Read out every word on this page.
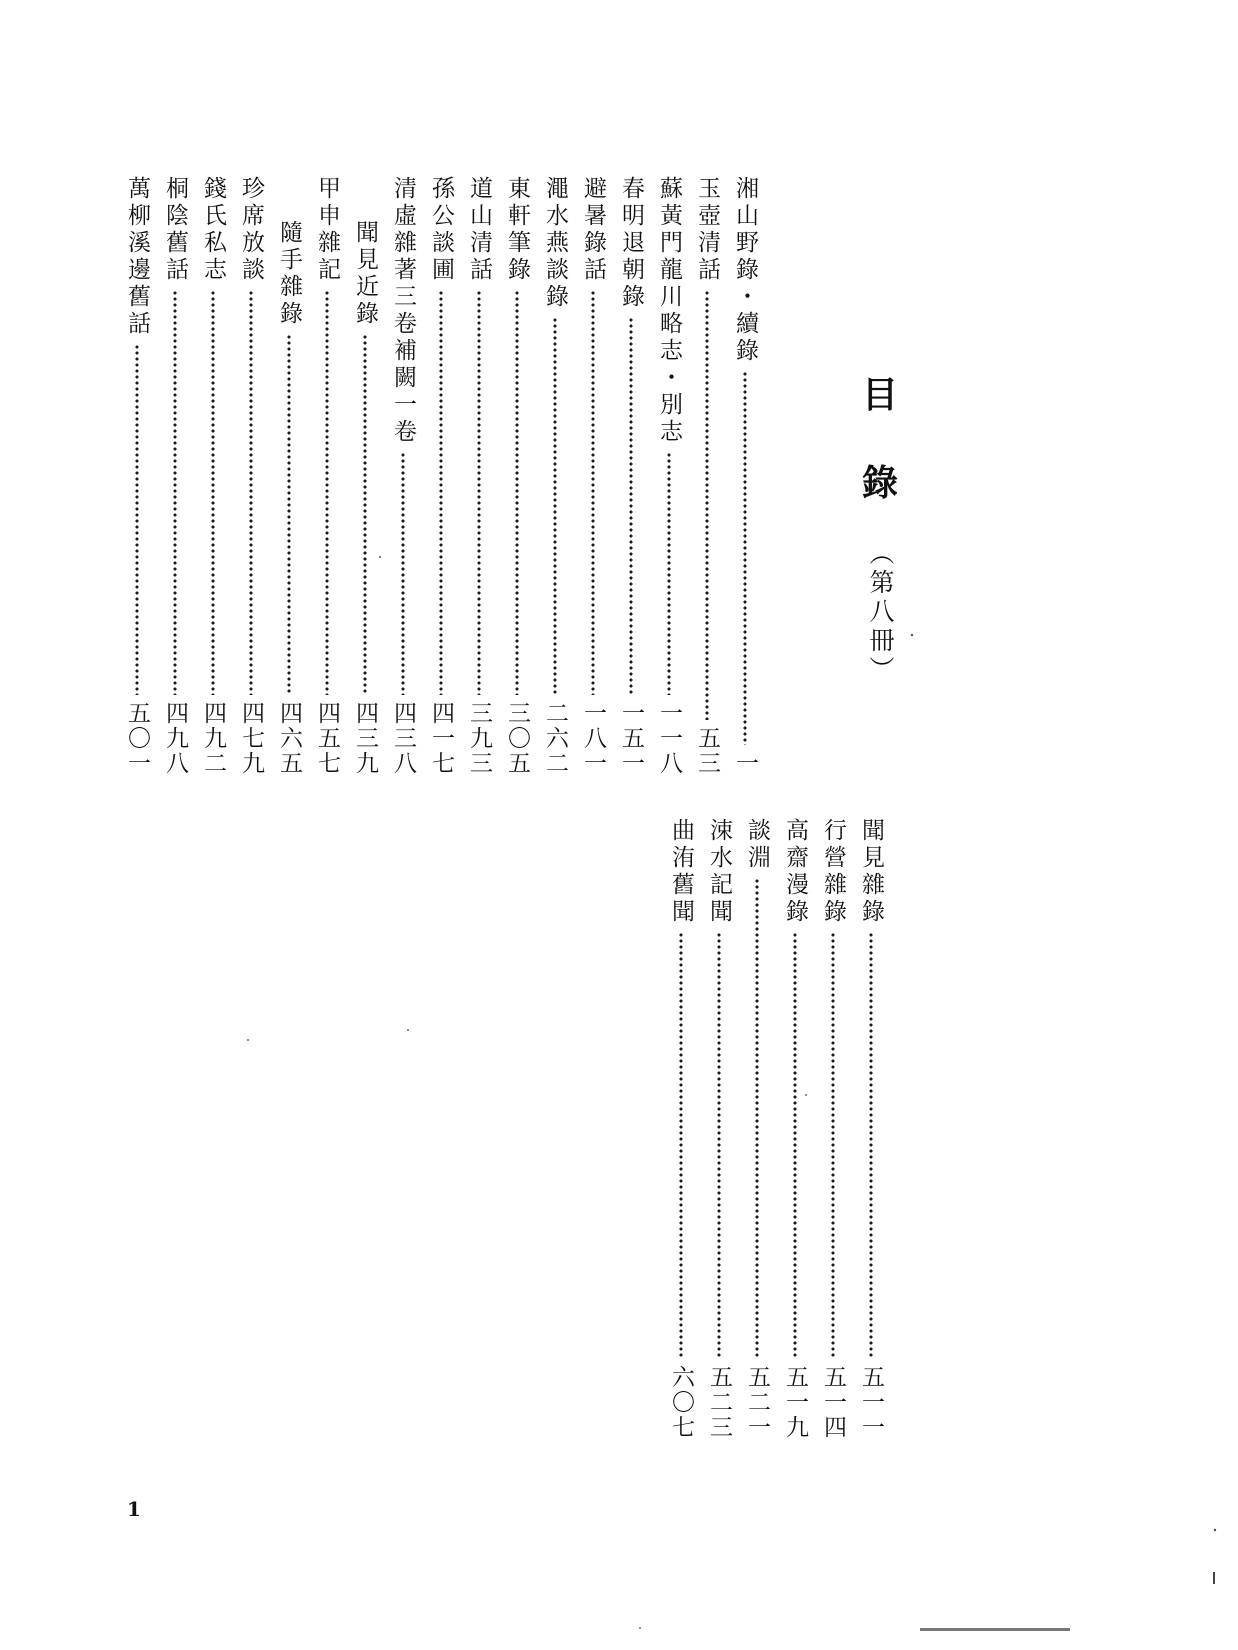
目
錄
（第八冊）
湘山野錄・續錄
一
玉壺清話
五三
蘇黃門龍川略志・別志
一一八
春明退朝錄
一五一
避暑錄話
一八一
澠水燕談錄
二六二
東軒筆錄
三〇五
道山清話
三九三
孫公談圃
四一七
清虛雜著三卷補闕一卷
四三八
聞見近錄
四三九
甲申雜記
四五七
隨手雜錄
四六五
珍席放談
四七九
錢氏私志
四九二
桐陰舊話
四九八
萬柳溪邊舊話
五〇一
聞見雜錄
五一一
行營雜錄
五一四
高齋漫錄
五一九
談淵
五二一
涑水記聞
五二三
曲洧舊聞
六〇七
1
